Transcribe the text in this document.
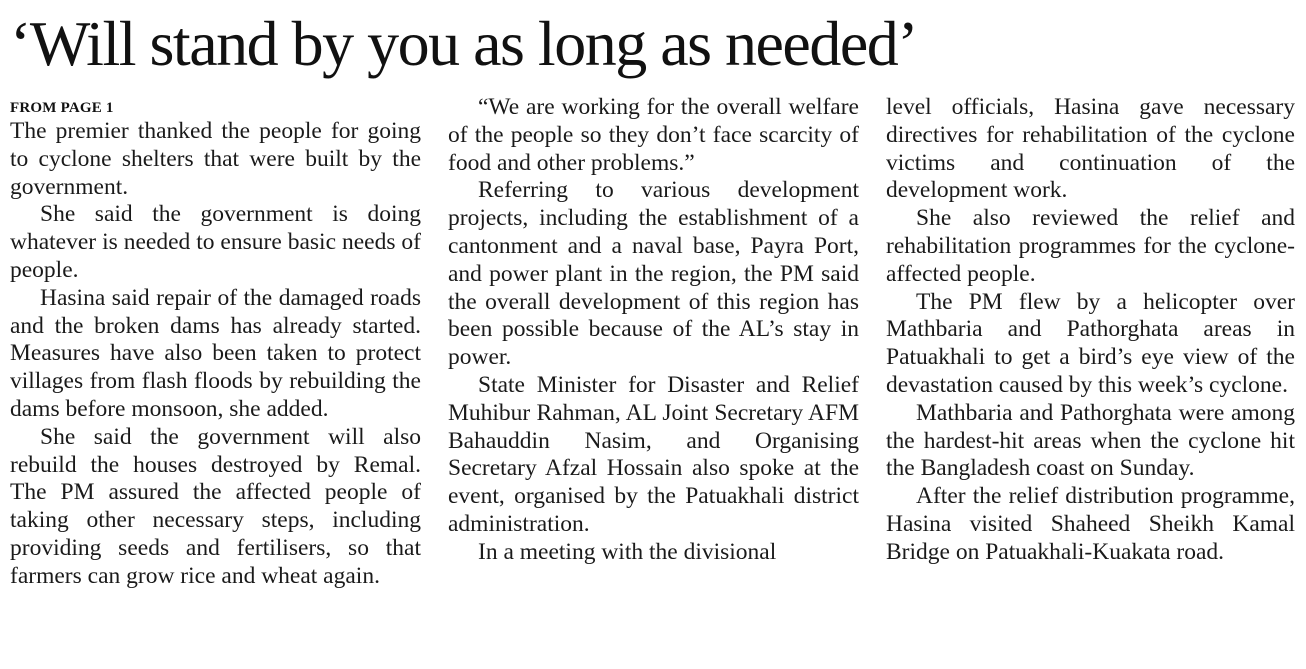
‘Will stand by you as long as needed’
FROM PAGE 1

The premier thanked the people for going to cyclone shelters that were built by the government.

She said the government is doing whatever is needed to ensure basic needs of people.

Hasina said repair of the damaged roads and the broken dams has already started. Measures have also been taken to protect villages from flash floods by rebuilding the dams before monsoon, she added.

She said the government will also rebuild the houses destroyed by Remal. The PM assured the affected people of taking other necessary steps, including providing seeds and fertilisers, so that farmers can grow rice and wheat again.

“We are working for the overall welfare of the people so they don’t face scarcity of food and other problems.”

Referring to various development projects, including the establishment of a cantonment and a naval base, Payra Port, and power plant in the region, the PM said the overall development of this region has been possible because of the AL’s stay in power.

State Minister for Disaster and Relief Muhibur Rahman, AL Joint Secretary AFM Bahauddin Nasim, and Organising Secretary Afzal Hossain also spoke at the event, organised by the Patuakhali district administration.

In a meeting with the divisional

level officials, Hasina gave necessary directives for rehabilitation of the cyclone victims and continuation of the development work.

She also reviewed the relief and rehabilitation programmes for the cyclone-affected people.

The PM flew by a helicopter over Mathbaria and Pathorghata areas in Patuakhali to get a bird’s eye view of the devastation caused by this week’s cyclone.

Mathbaria and Pathorghata were among the hardest-hit areas when the cyclone hit the Bangladesh coast on Sunday.

After the relief distribution programme, Hasina visited Shaheed Sheikh Kamal Bridge on Patuakhali-Kuakata road.
